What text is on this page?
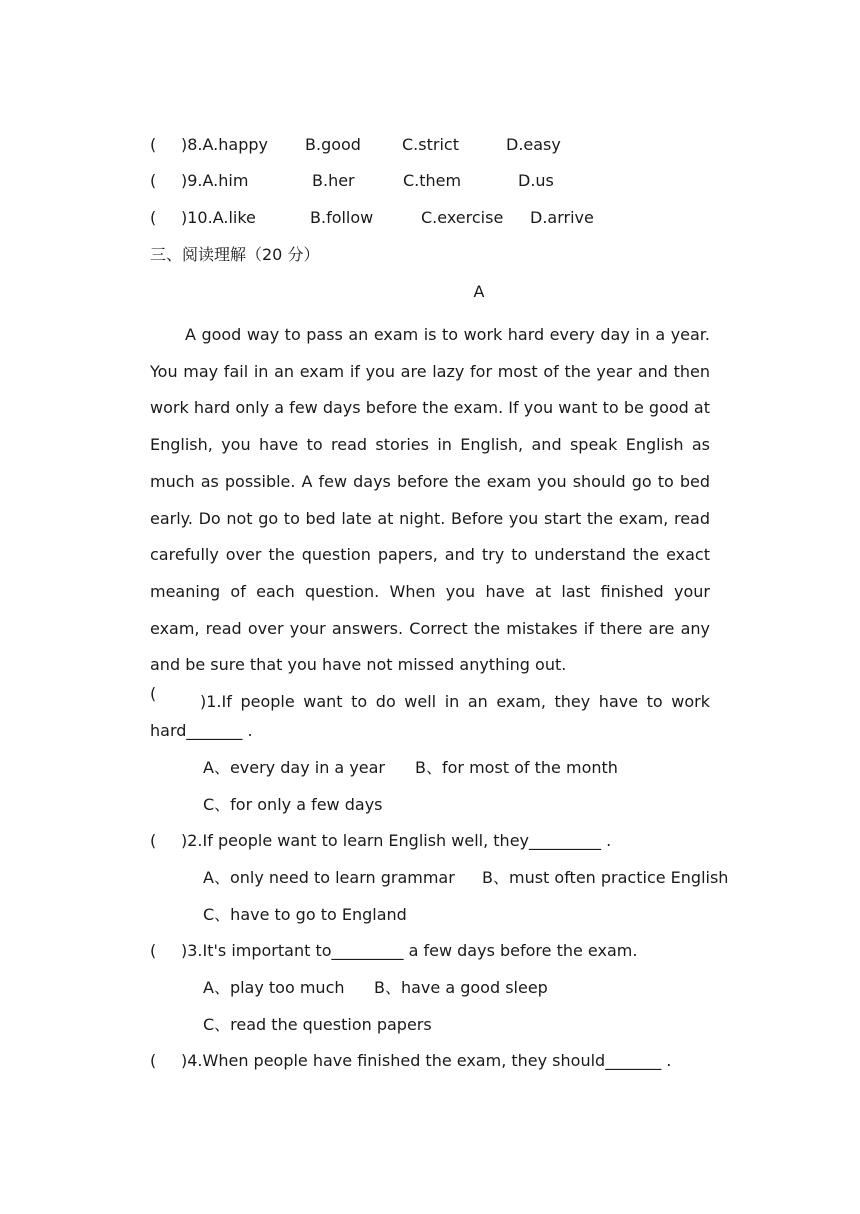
( )8.A.happy B.good	C.strict	D.easy
( )9.A.him	B.her	C.them	D.us
( )10.A.like	B.follow	C.exercise D.arrive
三、阅读理解（20 分）
A

A good way to pass an exam is to work hard every day in a year. You may fail in an exam if you are lazy for most of the year and then work hard only a few days before the exam. If you want to be good at English, you have to read stories in English, and speak English as much as possible. A few days before the exam you should go to bed early. Do not go to bed late at night. Before you start the exam, read carefully over the question papers, and try to understand the exact meaning of each question. When you have at last finished your exam, read over your answers. Correct the mistakes if there are any and be sure that you have not missed anything out.

(	)1.If people want to do well in an exam, they have to work
hard_______ .
A、every day in a year B、for most of the month
C、for only a few days
( )2.If people want to learn English well, they_________ .
A、only need to learn grammar B、must often practice English
C、have to go to England
( )3.It's important to_________ a few days before the exam.
A、play too much B、have a good sleep
C、read the question papers
( )4.When people have finished the exam, they should_______ .
